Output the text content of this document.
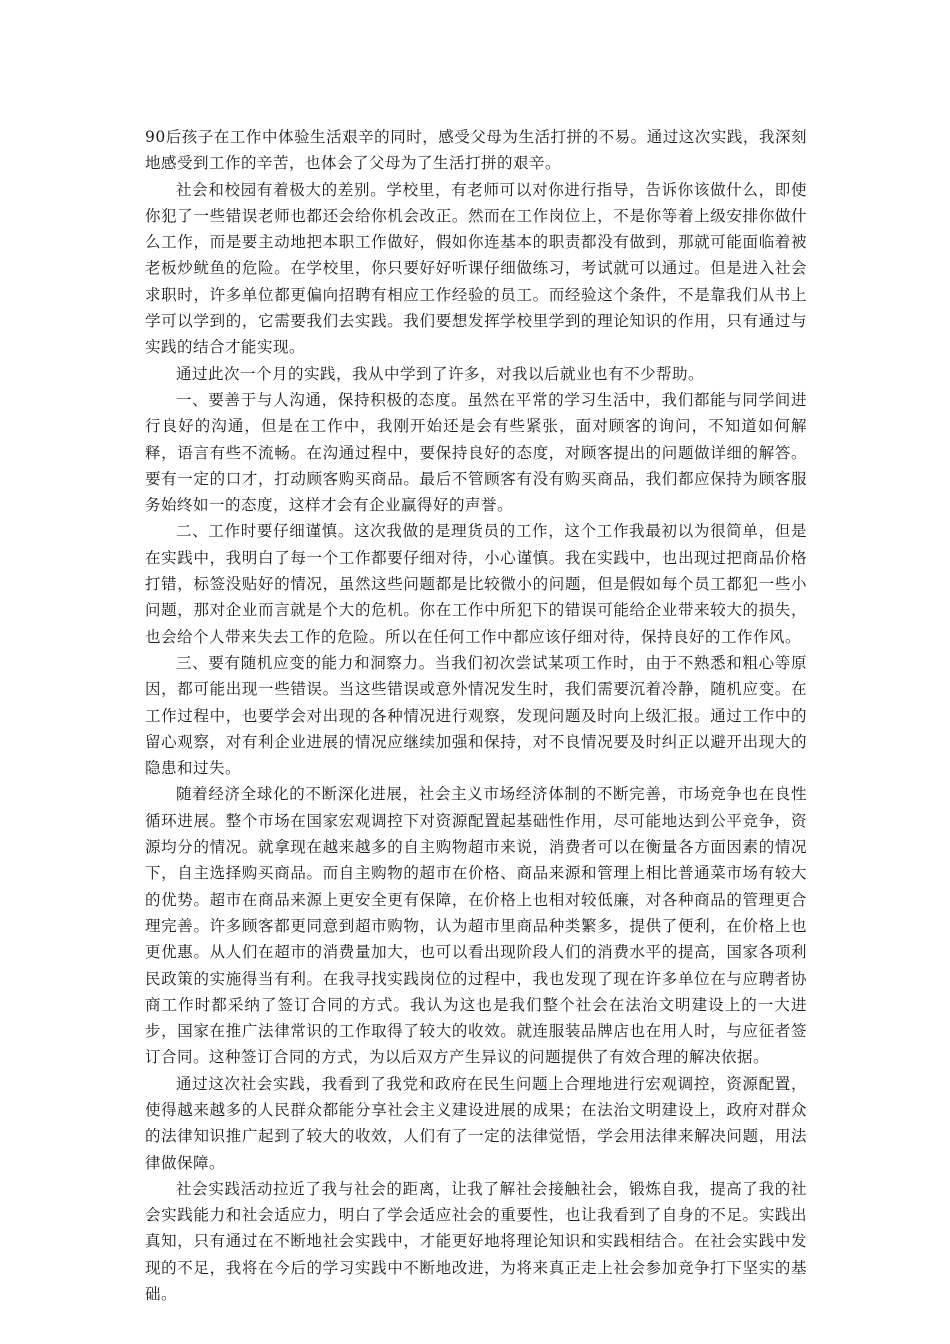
90后孩子在工作中体验生活艰辛的同时，感受父母为生活打拼的不易。通过这次实践，我深刻地感受到工作的辛苦，也体会了父母为了生活打拼的艰辛。

社会和校园有着极大的差别。学校里，有老师可以对你进行指导，告诉你该做什么，即使你犯了一些错误老师也都还会给你机会改正。然而在工作岗位上，不是你等着上级安排你做什么工作，而是要主动地把本职工作做好，假如你连基本的职责都没有做到，那就可能面临着被老板炒鱿鱼的危险。在学校里，你只要好好听课仔细做练习，考试就可以通过。但是进入社会求职时，许多单位都更偏向招聘有相应工作经验的员工。而经验这个条件，不是靠我们从书上学可以学到的，它需要我们去实践。我们要想发挥学校里学到的理论知识的作用，只有通过与实践的结合才能实现。

通过此次一个月的实践，我从中学到了许多，对我以后就业也有不少帮助。

一、要善于与人沟通，保持积极的态度。虽然在平常的学习生活中，我们都能与同学间进行良好的沟通，但是在工作中，我刚开始还是会有些紧张，面对顾客的询问，不知道如何解释，语言有些不流畅。在沟通过程中，要保持良好的态度，对顾客提出的问题做详细的解答。要有一定的口才，打动顾客购买商品。最后不管顾客有没有购买商品，我们都应保持为顾客服务始终如一的态度，这样才会有企业赢得好的声誉。

二、工作时要仔细谨慎。这次我做的是理货员的工作，这个工作我最初以为很简单，但是在实践中，我明白了每一个工作都要仔细对待，小心谨慎。我在实践中，也出现过把商品价格打错，标签没贴好的情况，虽然这些问题都是比较微小的问题，但是假如每个员工都犯一些小问题，那对企业而言就是个大的危机。你在工作中所犯下的错误可能给企业带来较大的损失，也会给个人带来失去工作的危险。所以在任何工作中都应该仔细对待，保持良好的工作作风。

三、要有随机应变的能力和洞察力。当我们初次尝试某项工作时，由于不熟悉和粗心等原因，都可能出现一些错误。当这些错误或意外情况发生时，我们需要沉着冷静，随机应变。在工作过程中，也要学会对出现的各种情况进行观察，发现问题及时向上级汇报。通过工作中的留心观察，对有利企业进展的情况应继续加强和保持，对不良情况要及时纠正以避开出现大的隐患和过失。

随着经济全球化的不断深化进展，社会主义市场经济体制的不断完善，市场竞争也在良性循环进展。整个市场在国家宏观调控下对资源配置起基础性作用，尽可能地达到公平竞争，资源均分的情况。就拿现在越来越多的自主购物超市来说，消费者可以在衡量各方面因素的情况下，自主选择购买商品。而自主购物的超市在价格、商品来源和管理上相比普通菜市场有较大的优势。超市在商品来源上更安全更有保障，在价格上也相对较低廉，对各种商品的管理更合理完善。许多顾客都更同意到超市购物，认为超市里商品种类繁多，提供了便利，在价格上也更优惠。从人们在超市的消费量加大，也可以看出现阶段人们的消费水平的提高，国家各项利民政策的实施得当有利。在我寻找实践岗位的过程中，我也发现了现在许多单位在与应聘者协商工作时都采纳了签订合同的方式。我认为这也是我们整个社会在法治文明建设上的一大进步，国家在推广法律常识的工作取得了较大的收效。就连服装品牌店也在用人时，与应征者签订合同。这种签订合同的方式，为以后双方产生异议的问题提供了有效合理的解决依据。

通过这次社会实践，我看到了我党和政府在民生问题上合理地进行宏观调控，资源配置，使得越来越多的人民群众都能分享社会主义建设进展的成果；在法治文明建设上，政府对群众的法律知识推广起到了较大的收效，人们有了一定的法律觉悟，学会用法律来解决问题，用法律做保障。

社会实践活动拉近了我与社会的距离，让我了解社会接触社会，锻炼自我，提高了我的社会实践能力和社会适应力，明白了学会适应社会的重要性，也让我看到了自身的不足。实践出真知，只有通过在不断地社会实践中，才能更好地将理论知识和实践相结合。在社会实践中发现的不足，我将在今后的学习实践中不断地改进，为将来真正走上社会参加竞争打下坚实的基础。
